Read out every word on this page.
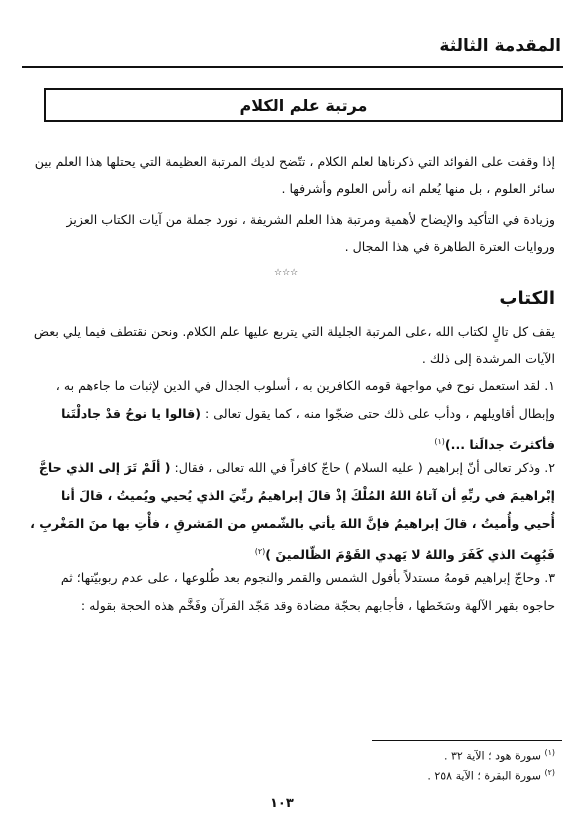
المقدمة الثالثة
مرتبة علم الكلام
إذا وقفت على الفوائد التي ذكرناها لعلم الكلام ، تتّضح لديك المرتبة العظيمة التي يحتلها هذا العلم بين سائر العلوم ، بل منها يُعلم انه رأس العلوم وأشرفها .
وزيادة في التأكيد والإيضاح لأهمية ومرتبة هذا العلم الشريفة ، نورد جملة من آيات الكتاب العزيز وروايات العترة الطاهرة في هذا المجال .
☆☆☆
الكتاب
يقف كل تالٍ لكتاب الله ،على المرتبة الجليلة التي يتربع عليها علم الكلام. ونحن نقتطف فيما يلي بعض الآيات المرشدة إلى ذلك .
١. لقد استعمل نوح في مواجهة قومه الكافرين به ، أسلوب الجدال في الدين لإثبات ما جاءهم به ، وإبطال أقاويلهم ، ودأب على ذلك حتى ضجّوا منه ، كما يقول تعالى : (قالوا يا نوحُ قدْ جادلْتَنا فأكثرتَ جدالَنا ...)$^{(١)}$
٢. وذكر تعالى أنّ إبراهيم ( عليه السلام ) حاجّ كافراً في الله تعالى ، فقال: ( ألَمْ تَرَ إلى الذي حاجَّ إبْراهيمَ في ربِّهِ أن آتاهُ اللهُ المُلْكَ إذْ قالَ إبراهيمُ ربِّيَ الذي يُحيي ويُميتُ ، قالَ أنا أُحيي وأُميتُ ، قالَ إبراهيمُ فإنَّ اللهَ يأتي بالشّمسِ من المَشرقِ ، فأْتِ بها منَ المَغْربِ ، فَبُهِتَ الذي كَفَرَ واللهُ لا يَهدي القَوْمَ الظّالمينَ )$^{(٢)}$
٣. وحاجّ إبراهيم قومهُ مستدلاً بأفول الشمس والقمر والنجوم بعد طُلوعها ، على عدم ربوبيّتها؛ ثم حاجوه بقهر الآلهة وسَخَطها ، فأجابهم بحجّة مضادة وقد مَجّد القرآن وفَخَّم هذه الحجة بقوله :
$^{(١)}$ سورة هود ؛ الآية ٣٢ .
$^{(٢)}$ سورة البقرة ؛ الآية ٢٥٨ .
١٠٣
